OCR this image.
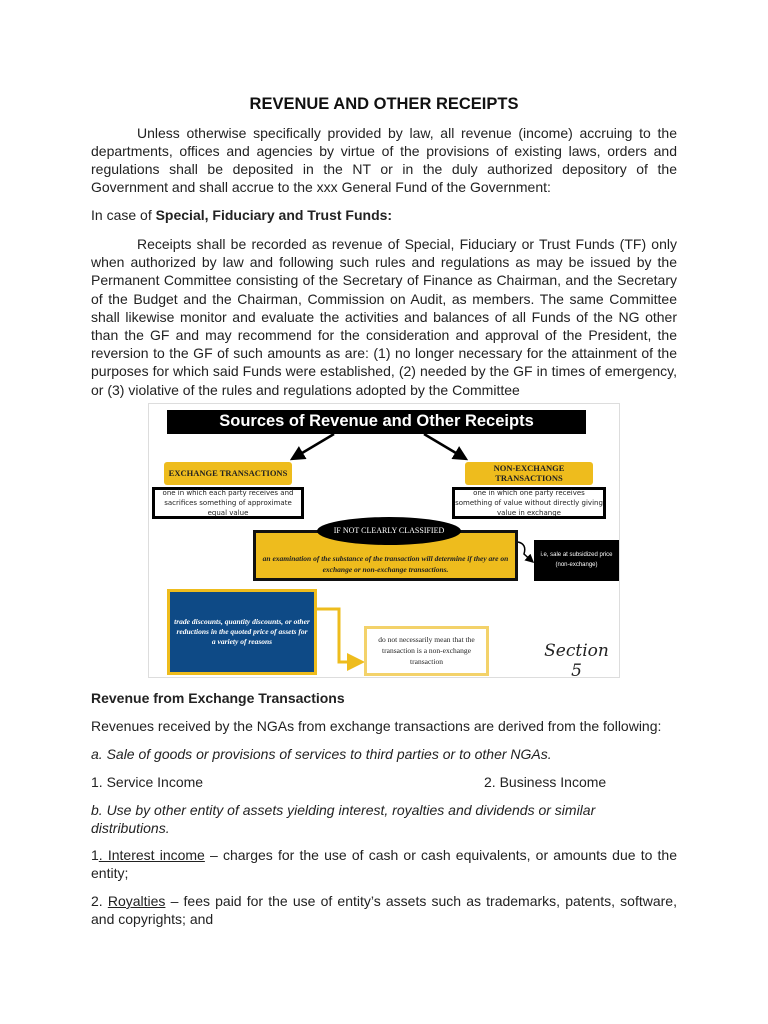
REVENUE AND OTHER RECEIPTS

Unless otherwise specifically provided by law, all revenue (income) accruing to the departments, offices and agencies by virtue of the provisions of existing laws, orders and regulations shall be deposited in the NT or in the duly authorized depository of the Government and shall accrue to the xxx General Fund of the Government:

In case of Special, Fiduciary and Trust Funds:

Receipts shall be recorded as revenue of Special, Fiduciary or Trust Funds (TF) only when authorized by law and following such rules and regulations as may be issued by the Permanent Committee consisting of the Secretary of Finance as Chairman, and the Secretary of the Budget and the Chairman, Commission on Audit, as members. The same Committee shall likewise monitor and evaluate the activities and balances of all Funds of the NG other than the GF and may recommend for the consideration and approval of the President, the reversion to the GF of such amounts as are: (1) no longer necessary for the attainment of the purposes for which said Funds were established, (2) needed by the GF in times of emergency, or (3) violative of the rules and regulations adopted by the Committee

Sources of Revenue and Other Receipts
EXCHANGE TRANSACTIONS
one in which each party receives and sacrifices something of approximate equal value
NON-EXCHANGE TRANSACTIONS
one in which one party receives something of value without directly giving value in exchange
an examination of the substance of the transaction will determine if they are on exchange or non-exchange transactions.
IF NOT CLEARLY CLASSIFIED
i.e, sale at subsidized price (non-exchange)
trade discounts, quantity discounts, or other reductions in the quoted price of assets for a variety of reasons	do not necessarily mean that the transaction is a non-exchange transaction
Section 5

Revenue from Exchange Transactions

Revenues received by the NGAs from exchange transactions are derived from the following:

a. Sale of goods or provisions of services to third parties or to other NGAs.

1. Service Income	2. Business Income

b. Use by other entity of assets yielding interest, royalties and dividends or similar distributions.

1. Interest income – charges for the use of cash or cash equivalents, or amounts due to the entity;

2. Royalties – fees paid for the use of entity’s assets such as trademarks, patents, software, and copyrights; and
